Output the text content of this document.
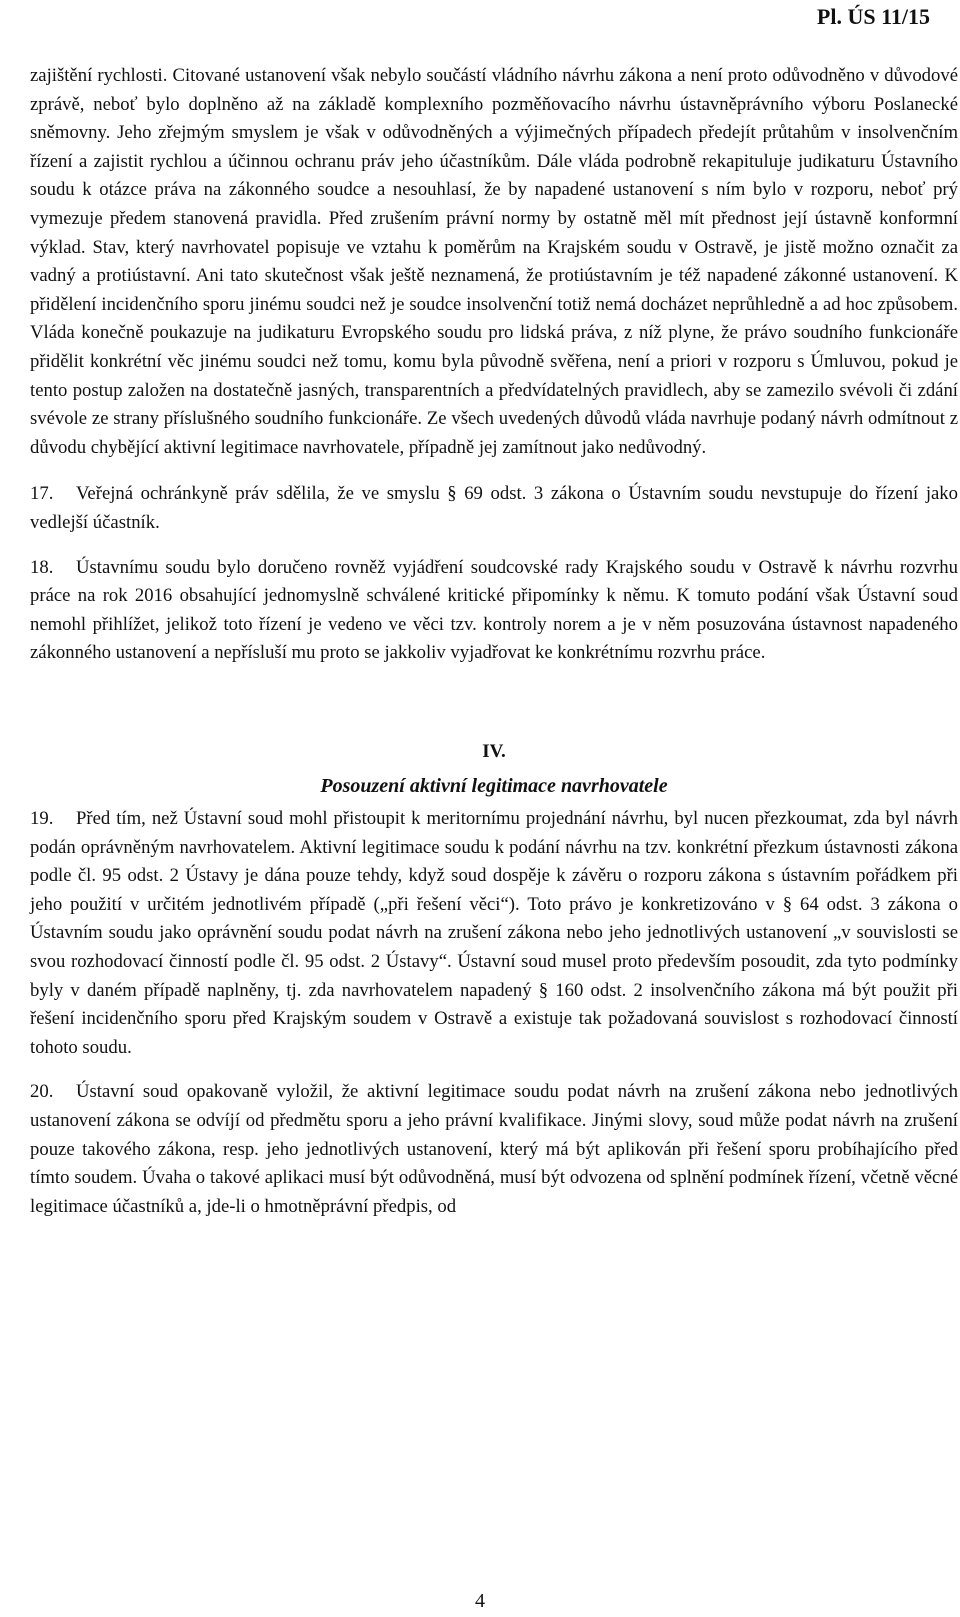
Pl. ÚS 11/15

zajištění rychlosti. Citované ustanovení však nebylo součástí vládního návrhu zákona a není proto odůvodněno v důvodové zprávě, neboť bylo doplněno až na základě komplexního pozměňovacího návrhu ústavněprávního výboru Poslanecké sněmovny. Jeho zřejmým smyslem je však v odůvodněných a výjimečných případech předejít průtahům v insolvenčním řízení a zajistit rychlou a účinnou ochranu práv jeho účastníkům. Dále vláda podrobně rekapituluje judikaturu Ústavního soudu k otázce práva na zákonného soudce a nesouhlasí, že by napadené ustanovení s ním bylo v rozporu, neboť prý vymezuje předem stanovená pravidla. Před zrušením právní normy by ostatně měl mít přednost její ústavně konformní výklad. Stav, který navrhovatel popisuje ve vztahu k poměrům na Krajském soudu v Ostravě, je jistě možno označit za vadný a protiústavní. Ani tato skutečnost však ještě neznamená, že protiústavním je též napadené zákonné ustanovení. K přidělení incidenčního sporu jinému soudci než je soudce insolvenční totiž nemá docházet neprůhledně a ad hoc způsobem. Vláda konečně poukazuje na judikaturu Evropského soudu pro lidská práva, z níž plyne, že právo soudního funkcionáře přidělit konkrétní věc jinému soudci než tomu, komu byla původně svěřena, není a priori v rozporu s Úmluvou, pokud je tento postup založen na dostatečně jasných, transparentních a předvídatelných pravidlech, aby se zamezilo svévoli či zdání svévole ze strany příslušného soudního funkcionáře. Ze všech uvedených důvodů vláda navrhuje podaný návrh odmítnout z důvodu chybějící aktivní legitimace navrhovatele, případně jej zamítnout jako nedůvodný.

17. Veřejná ochránkyně práv sdělila, že ve smyslu § 69 odst. 3 zákona o Ústavním soudu nevstupuje do řízení jako vedlejší účastník.

18. Ústavnímu soudu bylo doručeno rovněž vyjádření soudcovské rady Krajského soudu v Ostravě k návrhu rozvrhu práce na rok 2016 obsahující jednomyslně schválené kritické připomínky k němu. K tomuto podání však Ústavní soud nemohl přihlížet, jelikož toto řízení je vedeno ve věci tzv. kontroly norem a je v něm posuzována ústavnost napadeného zákonného ustanovení a nepřísluší mu proto se jakkoliv vyjadřovat ke konkrétnímu rozvrhu práce.

IV.
Posouzení aktivní legitimace navrhovatele

19. Před tím, než Ústavní soud mohl přistoupit k meritornímu projednání návrhu, byl nucen přezkoumat, zda byl návrh podán oprávněným navrhovatelem. Aktivní legitimace soudu k podání návrhu na tzv. konkrétní přezkum ústavnosti zákona podle čl. 95 odst. 2 Ústavy je dána pouze tehdy, když soud dospěje k závěru o rozporu zákona s ústavním pořádkem při jeho použití v určitém jednotlivém případě („při řešení věci“). Toto právo je konkretizováno v § 64 odst. 3 zákona o Ústavním soudu jako oprávnění soudu podat návrh na zrušení zákona nebo jeho jednotlivých ustanovení „v souvislosti se svou rozhodovací činností podle čl. 95 odst. 2 Ústavy“. Ústavní soud musel proto především posoudit, zda tyto podmínky byly v daném případě naplněny, tj. zda navrhovatelem napadený § 160 odst. 2 insolvenčního zákona má být použit při řešení incidenčního sporu před Krajským soudem v Ostravě a existuje tak požadovaná souvislost s rozhodovací činností tohoto soudu.

20. Ústavní soud opakovaně vyložil, že aktivní legitimace soudu podat návrh na zrušení zákona nebo jednotlivých ustanovení zákona se odvíjí od předmětu sporu a jeho právní kvalifikace. Jinými slovy, soud může podat návrh na zrušení pouze takového zákona, resp. jeho jednotlivých ustanovení, který má být aplikován při řešení sporu probíhajícího před tímto soudem. Úvaha o takové aplikaci musí být odůvodněná, musí být odvozena od splnění podmínek řízení, včetně věcné legitimace účastníků a, jde-li o hmotněprávní předpis, od

4
